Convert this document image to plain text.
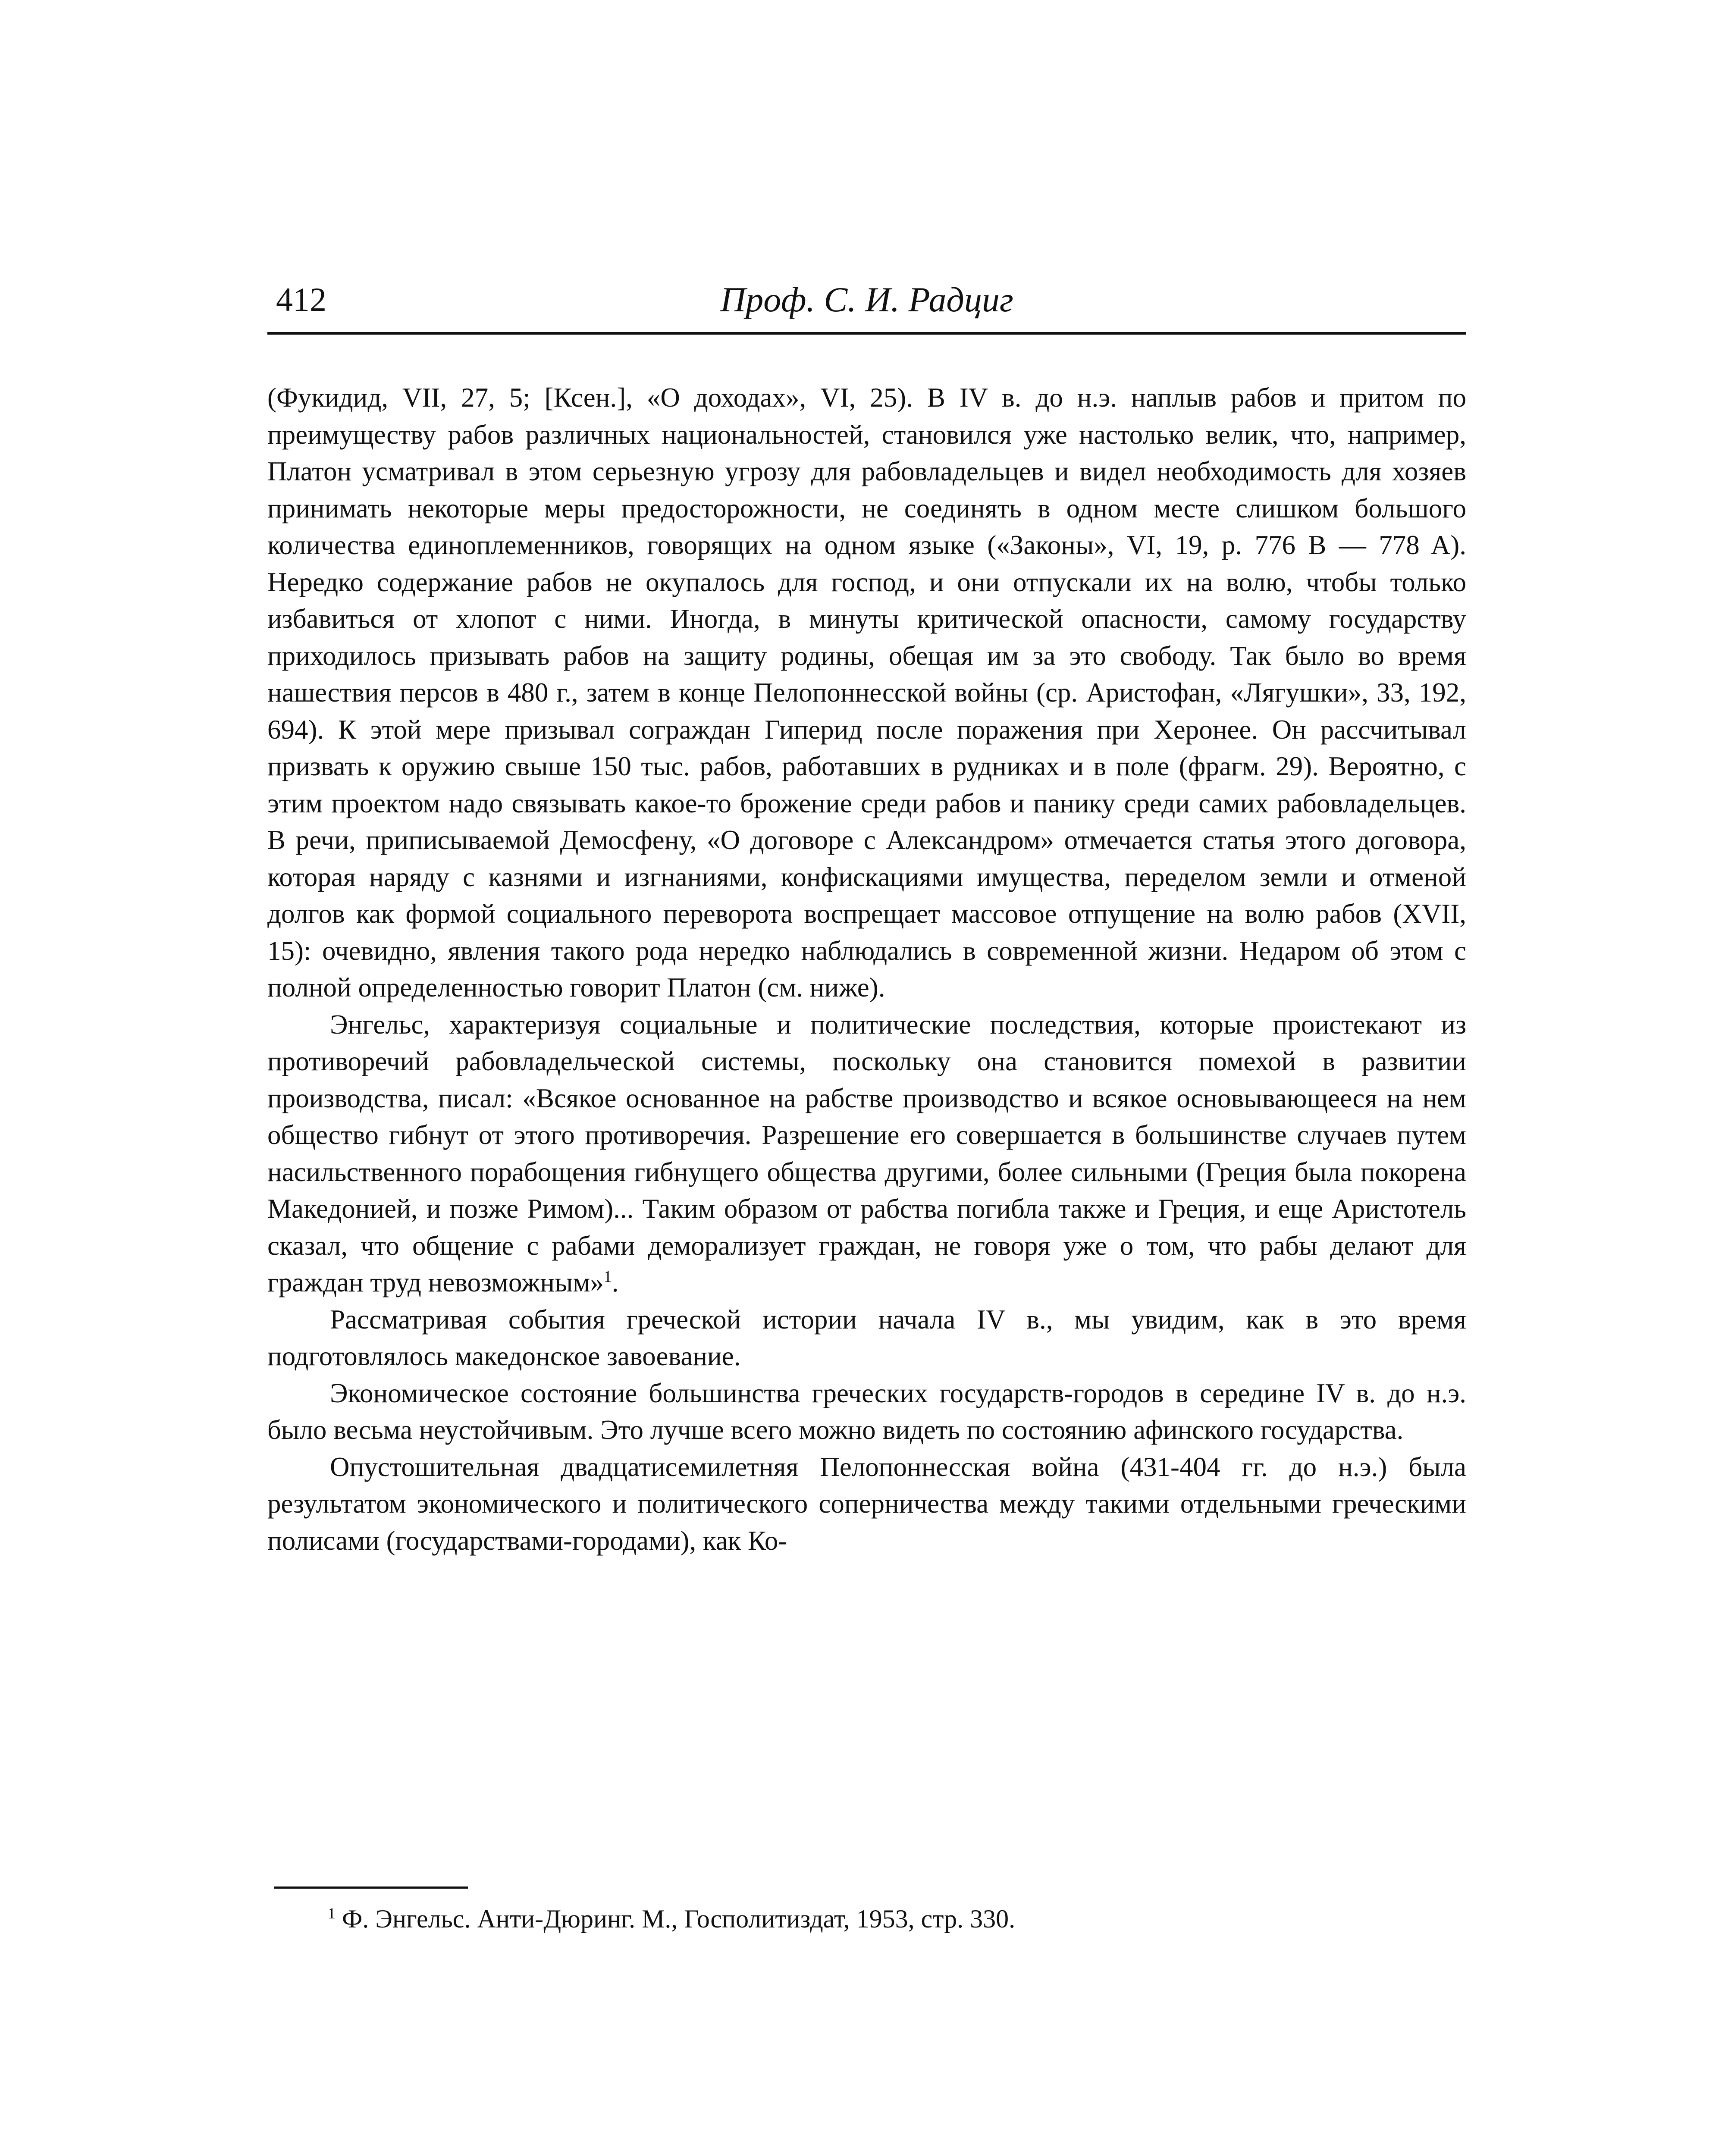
412	Проф. С. И. Радциг

(Фукидид, VII, 27, 5; [Ксен.], «О доходах», VI, 25). В IV в. до н.э. наплыв рабов и притом по преимуществу рабов различных национальностей, становился уже настолько велик, что, например, Платон усматривал в этом серьезную угрозу для рабовладельцев и видел необходимость для хозяев принимать некоторые меры предосторожности, не соединять в одном месте слишком большого количества единоплеменников, говорящих на одном языке («Законы», VI, 19, p. 776 B — 778 A). Нередко содержание рабов не окупалось для господ, и они отпускали их на волю, чтобы только избавиться от хлопот с ними. Иногда, в минуты критической опасности, самому государству приходилось призывать рабов на защиту родины, обещая им за это свободу. Так было во время нашествия персов в 480 г., затем в конце Пелопоннесской войны (ср. Аристофан, «Лягушки», 33, 192, 694). К этой мере призывал сограждан Гиперид после поражения при Херонее. Он рассчитывал призвать к оружию свыше 150 тыс. рабов, работавших в рудниках и в поле (фрагм. 29). Вероятно, с этим проектом надо связывать какое-то брожение среди рабов и панику среди самих рабовладельцев. В речи, приписываемой Демосфену, «О договоре с Александром» отмечается статья этого договора, которая наряду с казнями и изгнаниями, конфискациями имущества, переделом земли и отменой долгов как формой социального переворота воспрещает массовое отпущение на волю рабов (XVII, 15): очевидно, явления такого рода нередко наблюдались в современной жизни. Недаром об этом с полной определенностью говорит Платон (см. ниже).

Энгельс, характеризуя социальные и политические последствия, которые проистекают из противоречий рабовладельческой системы, поскольку она становится помехой в развитии производства, писал: «Всякое основанное на рабстве производство и всякое основывающееся на нем общество гибнут от этого противоречия. Разрешение его совершается в большинстве случаев путем насильственного порабощения гибнущего общества другими, более сильными (Греция была покорена Македонией, и позже Римом)... Таким образом от рабства погибла также и Греция, и еще Аристотель сказал, что общение с рабами деморализует граждан, не говоря уже о том, что рабы делают для граждан труд невозможным»$^1$.

Рассматривая события греческой истории начала IV в., мы увидим, как в это время подготовлялось македонское завоевание.

Экономическое состояние большинства греческих государств-городов в середине IV в. до н.э. было весьма неустойчивым. Это лучше всего можно видеть по состоянию афинского государства.

Опустошительная двадцатисемилетняя Пелопоннесская война (431-404 гг. до н.э.) была результатом экономического и политического соперничества между такими отдельными греческими полисами (государствами-городами), как Ко-

$^1$ Ф. Энгельс. Анти-Дюринг. М., Госполитиздат, 1953, стр. 330.
